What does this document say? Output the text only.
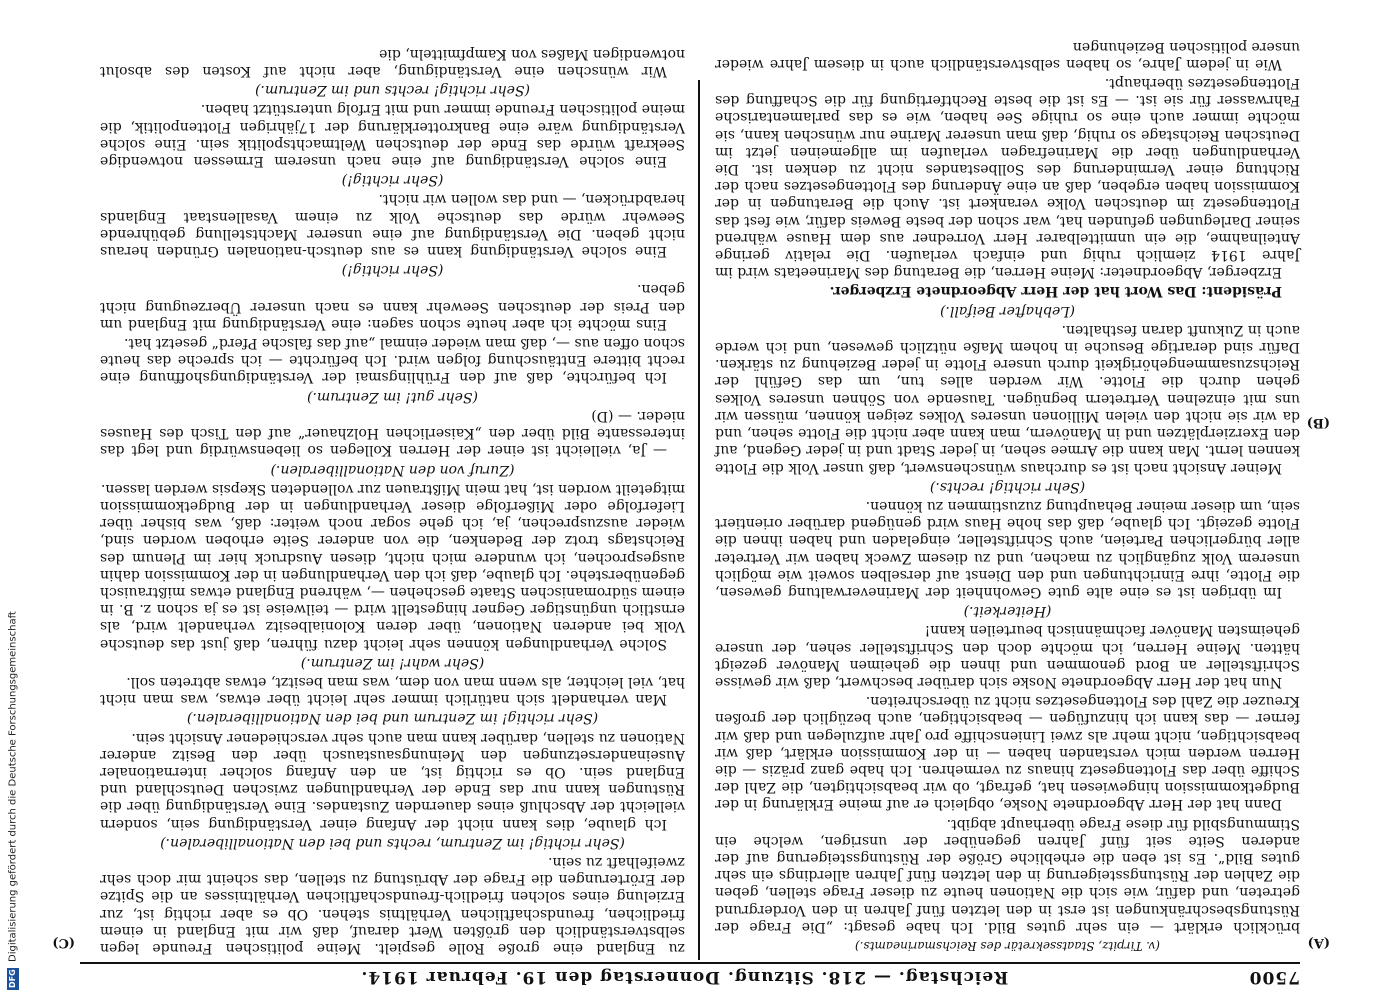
7500
Reichstag. — 218. Sitzung. Donnerstag den 19. Februar 1914.
(A)
(B)
(C)	(v. Tirpitz, Staatssekretär des Reichsmarineamts.)

brücklich erklärt — ein sehr gutes Bild. Ich habe gesagt: „Die Frage der Rüstungsbeschränkungen ist erst in den letzten fünf Jahren in den Vordergrund getreten, und dafür, wie sich die Nationen heute zu dieser Frage stellen, geben die Zahlen der Rüstungssteigerung in den letzten fünf Jahren allerdings ein sehr gutes Bild“. Es ist eben die erhebliche Größe der Rüstungssteigerung auf der anderen Seite seit fünf Jahren gegenüber der unsrigen, welche ein Stimmungsbild für diese Frage überhaupt abgibt.

Dann hat der Herr Abgeordnete Noske, obgleich er auf meine Erklärung in der Budgetkommission hingewiesen hat, gefragt, ob wir beabsichtigten, die Zahl der Schiffe über das Flottengesetz hinaus zu vermehren. Ich habe ganz präzis — die Herren werden mich verstanden haben — in der Kommission erklärt, daß wir beabsichtigen, nicht mehr als zwei Linienschiffe pro Jahr aufzulegen und daß wir ferner — das kann ich hinzufügen — beabsichtigen, auch bezüglich der großen Kreuzer die Zahl des Flottengesetzes nicht zu überschreiten.

Nun hat der Herr Abgeordnete Noske sich darüber beschwert, daß wir gewisse Schriftsteller an Bord genommen und ihnen die geheimen Manöver gezeigt hätten. Meine Herren, ich möchte doch den Schriftsteller sehen, der unsere geheimsten Manöver fachmännisch beurteilen kann!

(Heiterkeit.)

Im übrigen ist es eine alte gute Gewohnheit der Marineverwaltung gewesen, die Flotte, ihre Einrichtungen und den Dienst auf derselben soweit wie möglich unserem Volk zugänglich zu machen, und zu diesem Zweck haben wir Vertreter aller bürgerlichen Parteien, auch Schriftsteller, eingeladen und haben ihnen die Flotte gezeigt. Ich glaube, daß das hohe Haus wird genügend darüber orientiert sein, um dieser meiner Behauptung zuzustimmen zu können.

(Sehr richtig! rechts.)

Meiner Ansicht nach ist es durchaus wünschenswert, daß unser Volk die Flotte kennen lernt. Man kann die Armee sehen, in jeder Stadt und in jeder Gegend, auf den Exerzierplätzen und in Manövern, man kann aber nicht die Flotte sehen, und da wir sie nicht den vielen Millionen unseres Volkes zeigen können, müssen wir uns mit einzelnen Vertretern begnügen. Tausende von Söhnen unseres Volkes gehen durch die Flotte. Wir werden alles tun, um das Gefühl der Reichszusammengehörigkeit durch unsere Flotte in jeder Beziehung zu stärken. Dafür sind derartige Besuche in hohem Maße nützlich gewesen, und ich werde auch in Zukunft daran festhalten.

(Lebhafter Beifall.)

Präsident: Das Wort hat der Herr Abgeordnete Erzberger.

Erzberger, Abgeordneter: Meine Herren, die Beratung des Marineetats wird im Jahre 1914 ziemlich ruhig und einfach verlaufen. Die relativ geringe Anteilnahme, die ein unmittelbarer Herr Vorredner aus dem Hause während seiner Darlegungen gefunden hat, war schon der beste Beweis dafür, wie fest das Flottengesetz im deutschen Volke verankert ist. Auch die Beratungen in der Kommission haben ergeben, daß an eine Änderung des Flottengesetzes nach der Richtung einer Verminderung des Sollbestandes nicht zu denken ist. Die Verhandlungen über die Marinefragen verlaufen im allgemeinen jetzt im Deutschen Reichstage so ruhig, daß man unserer Marine nur wünschen kann, sie möchte immer auch eine so ruhige See haben, wie es das parlamentarische Fahrwasser für sie ist. — Es ist die beste Rechtfertigung für die Schaffung des Flottengesetzes überhaupt.

Wie in jedem Jahre, so haben selbstverständlich auch in diesem Jahre wieder unsere politischen Beziehungen

zu England eine große Rolle gespielt. Meine politischen Freunde legen selbstverständlich den größten Wert darauf, daß wir mit England in einem friedlichen, freundschaftlichen Verhältnis stehen. Ob es aber richtig ist, zur Erzielung eines solchen friedlich-freundschaftlichen Verhältnisses an die Spitze der Erörterungen die Frage der Abrüstung zu stellen, das scheint mir doch sehr zweifelhaft zu sein.

(Sehr richtig! im Zentrum, rechts und bei den Nationalliberalen.)

Ich glaube, dies kann nicht der Anfang einer Verständigung sein, sondern vielleicht der Abschluß eines dauernden Zustandes. Eine Verständigung über die Rüstungen kann nur das Ende der Verhandlungen zwischen Deutschland und England sein. Ob es richtig ist, an den Anfang solcher internationaler Auseinandersetzungen den Meinungsaustausch über den Besitz anderer Nationen zu stellen, darüber kann man auch sehr verschiedener Ansicht sein.

(Sehr richtig! im Zentrum und bei den Nationalliberalen.)

Man verhandelt sich natürlich immer sehr leicht über etwas, was man nicht hat, viel leichter, als wenn man von dem, was man besitzt, etwas abtreten soll.

(Sehr wahr! im Zentrum.)

Solche Verhandlungen können sehr leicht dazu führen, daß just das deutsche Volk bei anderen Nationen, über deren Kolonialbesitz verhandelt wird, als ernstlich ungünstiger Gegner hingestellt wird — teilweise ist es ja schon z. B. in einem südromanischen Staate geschehen —, während England etwas mißtrauisch gegenüberstehe. Ich glaube, daß ich den Verhandlungen in der Kommission dahin ausgesprochen, ich wundere mich nicht, diesen Ausdruck hier im Plenum des Reichstags trotz der Bedenken, die von anderer Seite erhoben worden sind, wieder auszusprechen, ja, ich gehe sogar noch weiter: daß, was bisher über Lieferfolge oder Mißerfolge dieser Verhandlungen in der Budgetkommission mitgeteilt worden ist, hat mein Mißtrauen zur vollendeten Skepsis werden lassen.

(Zuruf von den Nationalliberalen.)

— Ja, vielleicht ist einer der Herren Kollegen so liebenswürdig und legt das interessante Bild über den „Kaiserlichen Holzhauer“ auf den Tisch des Hauses nieder. — (D)

(Sehr gut! im Zentrum.)

Ich befürchte, daß auf den Frühlingsmai der Verständigungshoffnung eine recht bittere Enttäuschung folgen wird. Ich befürchte — ich spreche das heute schon offen aus —, daß man wieder einmal „auf das falsche Pferd“ gesetzt hat.

Eins möchte ich aber heute schon sagen: eine Verständigung mit England um den Preis der deutschen Seewehr kann es nach unserer Überzeugung nicht geben.

(Sehr richtig!)

Eine solche Verständigung kann es aus deutsch-nationalen Gründen heraus nicht geben. Die Verständigung auf eine unserer Machtstellung gebührende Seewehr würde das deutsche Volk zu einem Vasallenstaat Englands herabdrücken, — und das wollen wir nicht.

(Sehr richtig!)

Eine solche Verständigung auf eine nach unserem Ermessen notwendige Seekraft würde das Ende der deutschen Weltmachtspolitik sein. Eine solche Verständigung wäre eine Bankrotterklärung der 17jährigen Flottenpolitik, die meine politischen Freunde immer und mit Erfolg unterstützt haben.

(Sehr richtig! rechts und im Zentrum.)

Wir wünschen eine Verständigung, aber nicht auf Kosten des absolut notwendigen Maßes von Kampfmitteln, die

DFG
Digitalisierung gefördert durch die Deutsche Forschungsgemeinschaft
